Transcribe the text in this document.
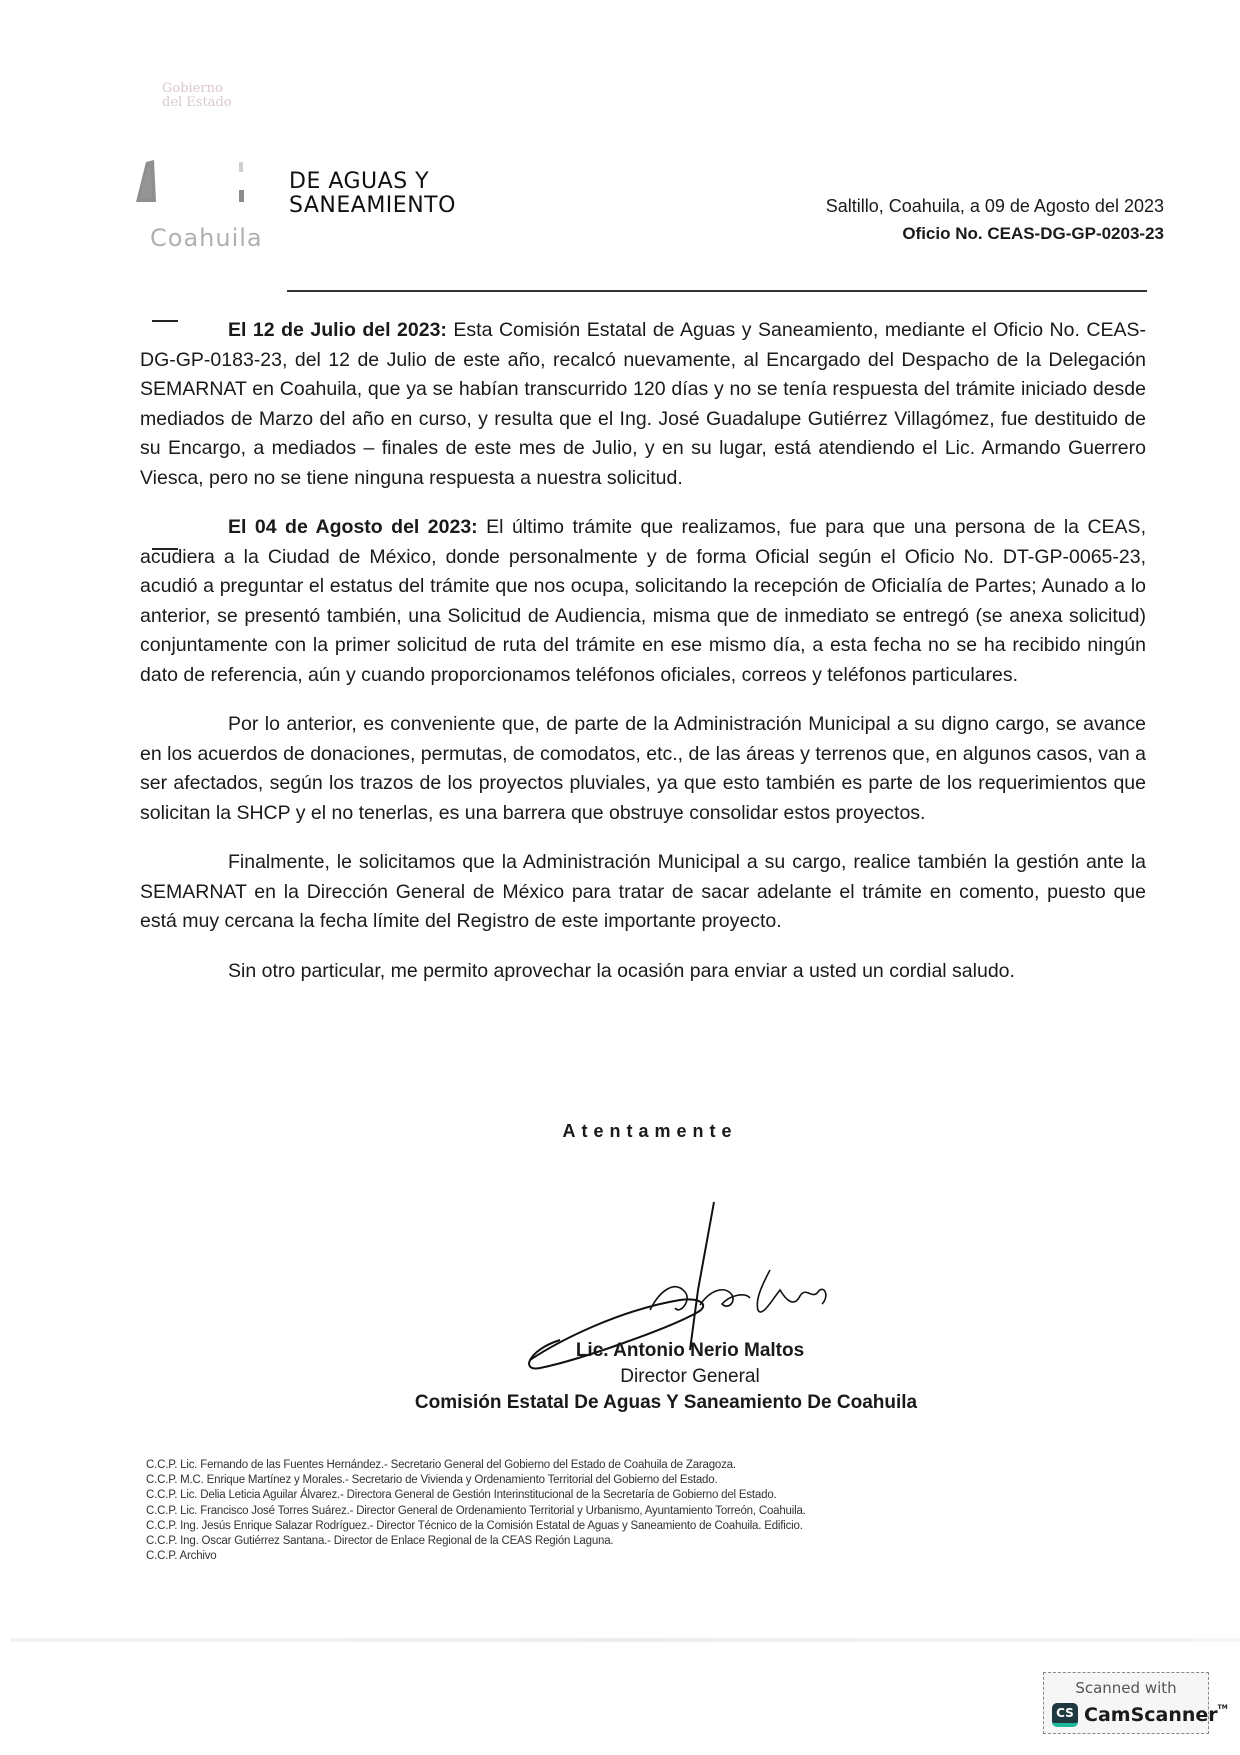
Gobierno
del Estado
Coahuila
DE AGUAS Y
SANEAMIENTO	Saltillo, Coahuila, a 09 de Agosto del 2023
Oficio No. CEAS-DG-GP-0203-23

El 12 de Julio del 2023: Esta Comisión Estatal de Aguas y Saneamiento, mediante el Oficio No. CEAS-DG-GP-0183-23, del 12 de Julio de este año, recalcó nuevamente, al Encargado del Despacho de la Delegación SEMARNAT en Coahuila, que ya se habían transcurrido 120 días y no se tenía respuesta del trámite iniciado desde mediados de Marzo del año en curso, y resulta que el Ing. José Guadalupe Gutiérrez Villagómez, fue destituido de su Encargo, a mediados – finales de este mes de Julio, y en su lugar, está atendiendo el Lic. Armando Guerrero Viesca, pero no se tiene ninguna respuesta a nuestra solicitud.

El 04 de Agosto del 2023: El último trámite que realizamos, fue para que una persona de la CEAS, acudiera a la Ciudad de México, donde personalmente y de forma Oficial según el Oficio No. DT-GP-0065-23, acudió a preguntar el estatus del trámite que nos ocupa, solicitando la recepción de Oficialía de Partes; Aunado a lo anterior, se presentó también, una Solicitud de Audiencia, misma que de inmediato se entregó (se anexa solicitud) conjuntamente con la primer solicitud de ruta del trámite en ese mismo día, a esta fecha no se ha recibido ningún dato de referencia, aún y cuando proporcionamos teléfonos oficiales, correos y teléfonos particulares.

Por lo anterior, es conveniente que, de parte de la Administración Municipal a su digno cargo, se avance en los acuerdos de donaciones, permutas, de comodatos, etc., de las áreas y terrenos que, en algunos casos, van a ser afectados, según los trazos de los proyectos pluviales, ya que esto también es parte de los requerimientos que solicitan la SHCP y el no tenerlas, es una barrera que obstruye consolidar estos proyectos.

Finalmente, le solicitamos que la Administración Municipal a su cargo, realice también la gestión ante la SEMARNAT en la Dirección General de México para tratar de sacar adelante el trámite en comento, puesto que está muy cercana la fecha límite del Registro de este importante proyecto.

Sin otro particular, me permito aprovechar la ocasión para enviar a usted un cordial saludo.

Atentamente
Lic. Antonio Nerio Maltos
Director General
Comisión Estatal De Aguas Y Saneamiento De Coahuila
C.C.P. Lic. Fernando de las Fuentes Hernández.- Secretario General del Gobierno del Estado de Coahuila de Zaragoza.
C.C.P. M.C. Enrique Martínez y Morales.- Secretario de Vivienda y Ordenamiento Territorial del Gobierno del Estado.
C.C.P. Lic. Delia Leticia Aguilar Álvarez.- Directora General de Gestión Interinstitucional de la Secretaría de Gobierno del Estado.
C.C.P. Lic. Francisco José Torres Suárez.- Director General de Ordenamiento Territorial y Urbanismo, Ayuntamiento Torreón, Coahuila.
C.C.P. Ing. Jesús Enrique Salazar Rodríguez.- Director Técnico de la Comisión Estatal de Aguas y Saneamiento de Coahuila. Edificio.
C.C.P. Ing. Oscar Gutiérrez Santana.- Director de Enlace Regional de la CEAS Región Laguna.
C.C.P. Archivo
Scanned with
CS CamScanner™
